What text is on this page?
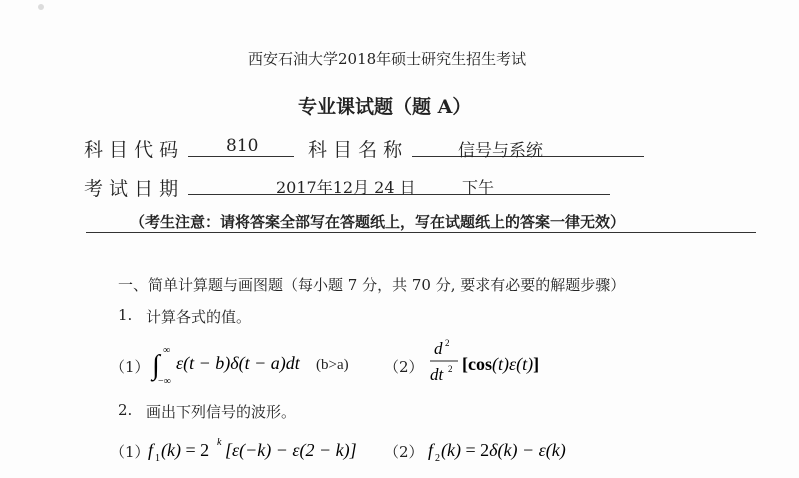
西安石油大学2018年硕士研究生招生考试
专业课试题（题 A）
科 目 代 码	810	科 目 名 称	信号与系统
考 试 日 期	2017年12月 24 日	下午
（考生注意：请将答案全部写在答题纸上，写在试题纸上的答案一律无效）
一、简单计算题与画图题（每小题 7 分，共 70 分, 要求有必要的解题步骤）
1. 计算各式的值。
（1） ∫ ∞
−∞
ε(t − b)δ(t − a)dt (b>a) （2）
d 2
dt 2 [cos(t)ε(t)]
2. 画出下列信号的波形。
（1）
f 1 (k) = 2 k [ε(−k) − ε(2 − k)] （2） f 2 (k) = 2δ(k) − ε(k)
